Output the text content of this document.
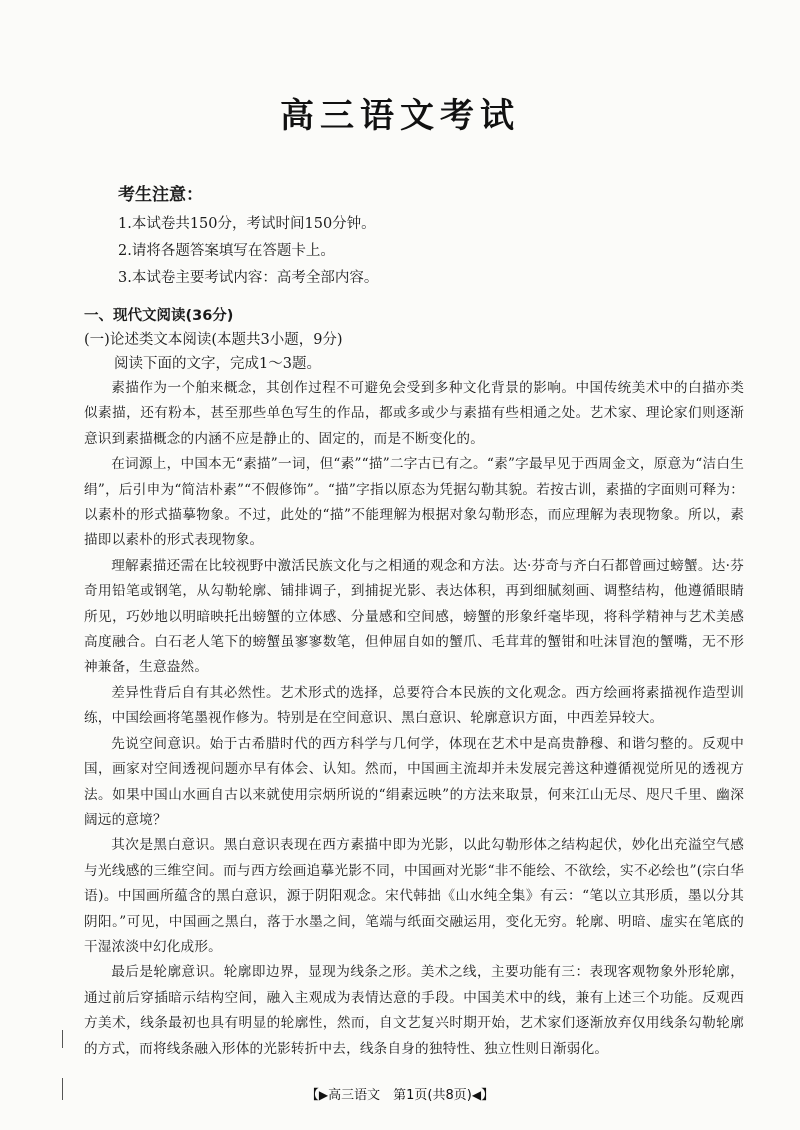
高三语文考试
考生注意：
1.本试卷共150分，考试时间150分钟。
2.请将各题答案填写在答题卡上。
3.本试卷主要考试内容：高考全部内容。
一、现代文阅读(36分)
(一)论述类文本阅读(本题共3小题，9分)
阅读下面的文字，完成1～3题。

素描作为一个舶来概念，其创作过程不可避免会受到多种文化背景的影响。中国传统美术中的白描亦类似素描，还有粉本，甚至那些单色写生的作品，都或多或少与素描有些相通之处。艺术家、理论家们则逐渐意识到素描概念的内涵不应是静止的、固定的，而是不断变化的。

在词源上，中国本无“素描”一词，但“素”“描”二字古已有之。“素”字最早见于西周金文，原意为“洁白生绢”，后引申为“简洁朴素”“不假修饰”。“描”字指以原态为凭据勾勒其貌。若按古训，素描的字面则可释为：以素朴的形式描摹物象。不过，此处的“描”不能理解为根据对象勾勒形态，而应理解为表现物象。所以，素描即以素朴的形式表现物象。

理解素描还需在比较视野中激活民族文化与之相通的观念和方法。达·芬奇与齐白石都曾画过螃蟹。达·芬奇用铅笔或钢笔，从勾勒轮廓、铺排调子，到捕捉光影、表达体积，再到细腻刻画、调整结构，他遵循眼睛所见，巧妙地以明暗映托出螃蟹的立体感、分量感和空间感，螃蟹的形象纤毫毕现，将科学精神与艺术美感高度融合。白石老人笔下的螃蟹虽寥寥数笔，但伸屈自如的蟹爪、毛茸茸的蟹钳和吐沫冒泡的蟹嘴，无不形神兼备，生意盎然。

差异性背后自有其必然性。艺术形式的选择，总要符合本民族的文化观念。西方绘画将素描视作造型训练，中国绘画将笔墨视作修为。特别是在空间意识、黑白意识、轮廓意识方面，中西差异较大。

先说空间意识。始于古希腊时代的西方科学与几何学，体现在艺术中是高贵静穆、和谐匀整的。反观中国，画家对空间透视问题亦早有体会、认知。然而，中国画主流却并未发展完善这种遵循视觉所见的透视方法。如果中国山水画自古以来就使用宗炳所说的“绢素远映”的方法来取景，何来江山无尽、咫尺千里、幽深阔远的意境？

其次是黑白意识。黑白意识表现在西方素描中即为光影，以此勾勒形体之结构起伏，妙化出充溢空气感与光线感的三维空间。而与西方绘画追摹光影不同，中国画对光影“非不能绘、不欲绘，实不必绘也”(宗白华语)。中国画所蕴含的黑白意识，源于阴阳观念。宋代韩拙《山水纯全集》有云：“笔以立其形质，墨以分其阴阳。”可见，中国画之黑白，落于水墨之间，笔端与纸面交融运用，变化无穷。轮廓、明暗、虚实在笔底的干湿浓淡中幻化成形。

最后是轮廓意识。轮廓即边界，显现为线条之形。美术之线，主要功能有三：表现客观物象外形轮廓，通过前后穿插暗示结构空间，融入主观成为表情达意的手段。中国美术中的线，兼有上述三个功能。反观西方美术，线条最初也具有明显的轮廓性，然而，自文艺复兴时期开始，艺术家们逐渐放弃仅用线条勾勒轮廓的方式，而将线条融入形体的光影转折中去，线条自身的独特性、独立性则日渐弱化。

【▶高三语文　第1页(共8页)◀】
